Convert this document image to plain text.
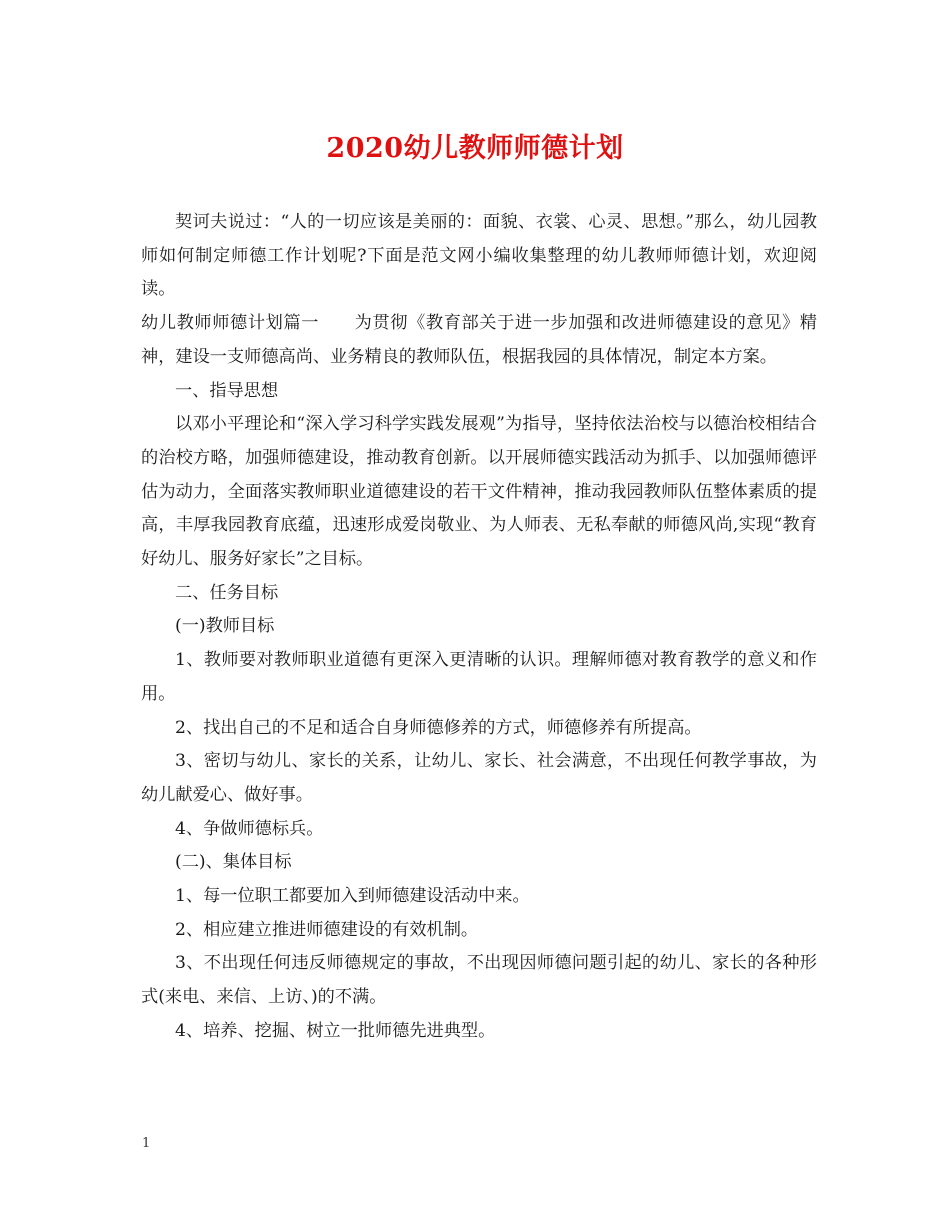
2020幼儿教师师德计划

契诃夫说过：“人的一切应该是美丽的：面貌、衣裳、心灵、思想。”那么，幼儿园教师如何制定师德工作计划呢?下面是范文网小编收集整理的幼儿教师师德计划，欢迎阅读。

幼儿教师师德计划篇一　　为贯彻《教育部关于进一步加强和改进师德建设的意见》精神，建设一支师德高尚、业务精良的教师队伍，根据我园的具体情况，制定本方案。

一、指导思想

以邓小平理论和“深入学习科学实践发展观”为指导，坚持依法治校与以德治校相结合的治校方略，加强师德建设，推动教育创新。以开展师德实践活动为抓手、以加强师德评估为动力，全面落实教师职业道德建设的若干文件精神，推动我园教师队伍整体素质的提高，丰厚我园教育底蕴，迅速形成爱岗敬业、为人师表、无私奉献的师德风尚,实现“教育好幼儿、服务好家长”之目标。

二、任务目标

(一)教师目标

1、教师要对教师职业道德有更深入更清晰的认识。理解师德对教育教学的意义和作用。

2、找出自己的不足和适合自身师德修养的方式，师德修养有所提高。

3、密切与幼儿、家长的关系，让幼儿、家长、社会满意，不出现任何教学事故，为幼儿献爱心、做好事。

4、争做师德标兵。

(二)、集体目标

1、每一位职工都要加入到师德建设活动中来。

2、相应建立推进师德建设的有效机制。

3、不出现任何违反师德规定的事故，不出现因师德问题引起的幼儿、家长的各种形式(来电、来信、上访、)的不满。

4、培养、挖掘、树立一批师德先进典型。

1
